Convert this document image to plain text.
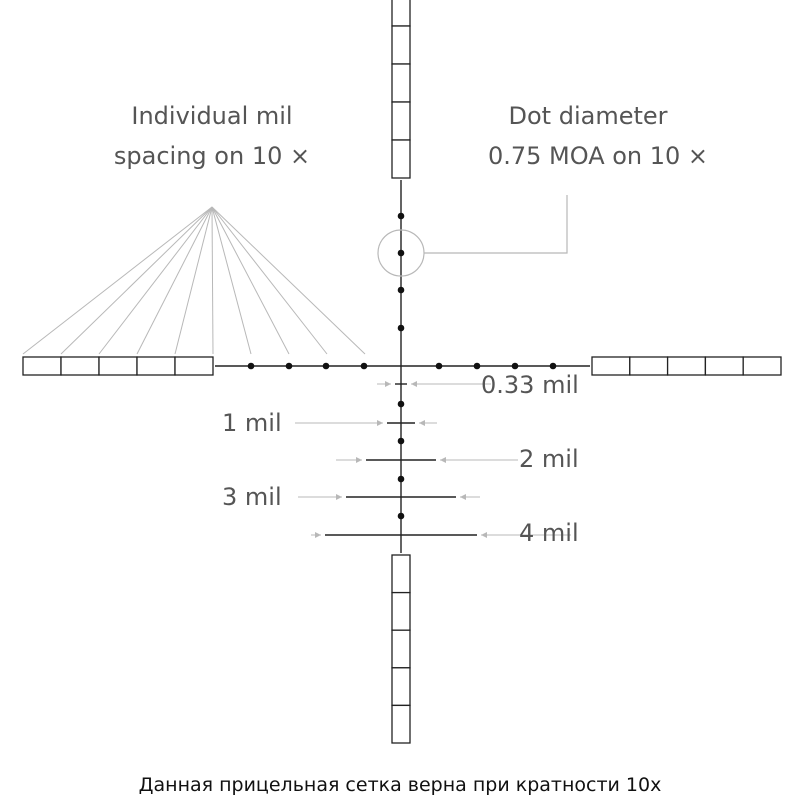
Individual mil
spacing on 10 ×
Dot diameter
0.75 MOA on 10 ×
0.33 mil
1 mil
2 mil
3 mil
4 mil
Данная прицельная сетка верна при кратности 10х
